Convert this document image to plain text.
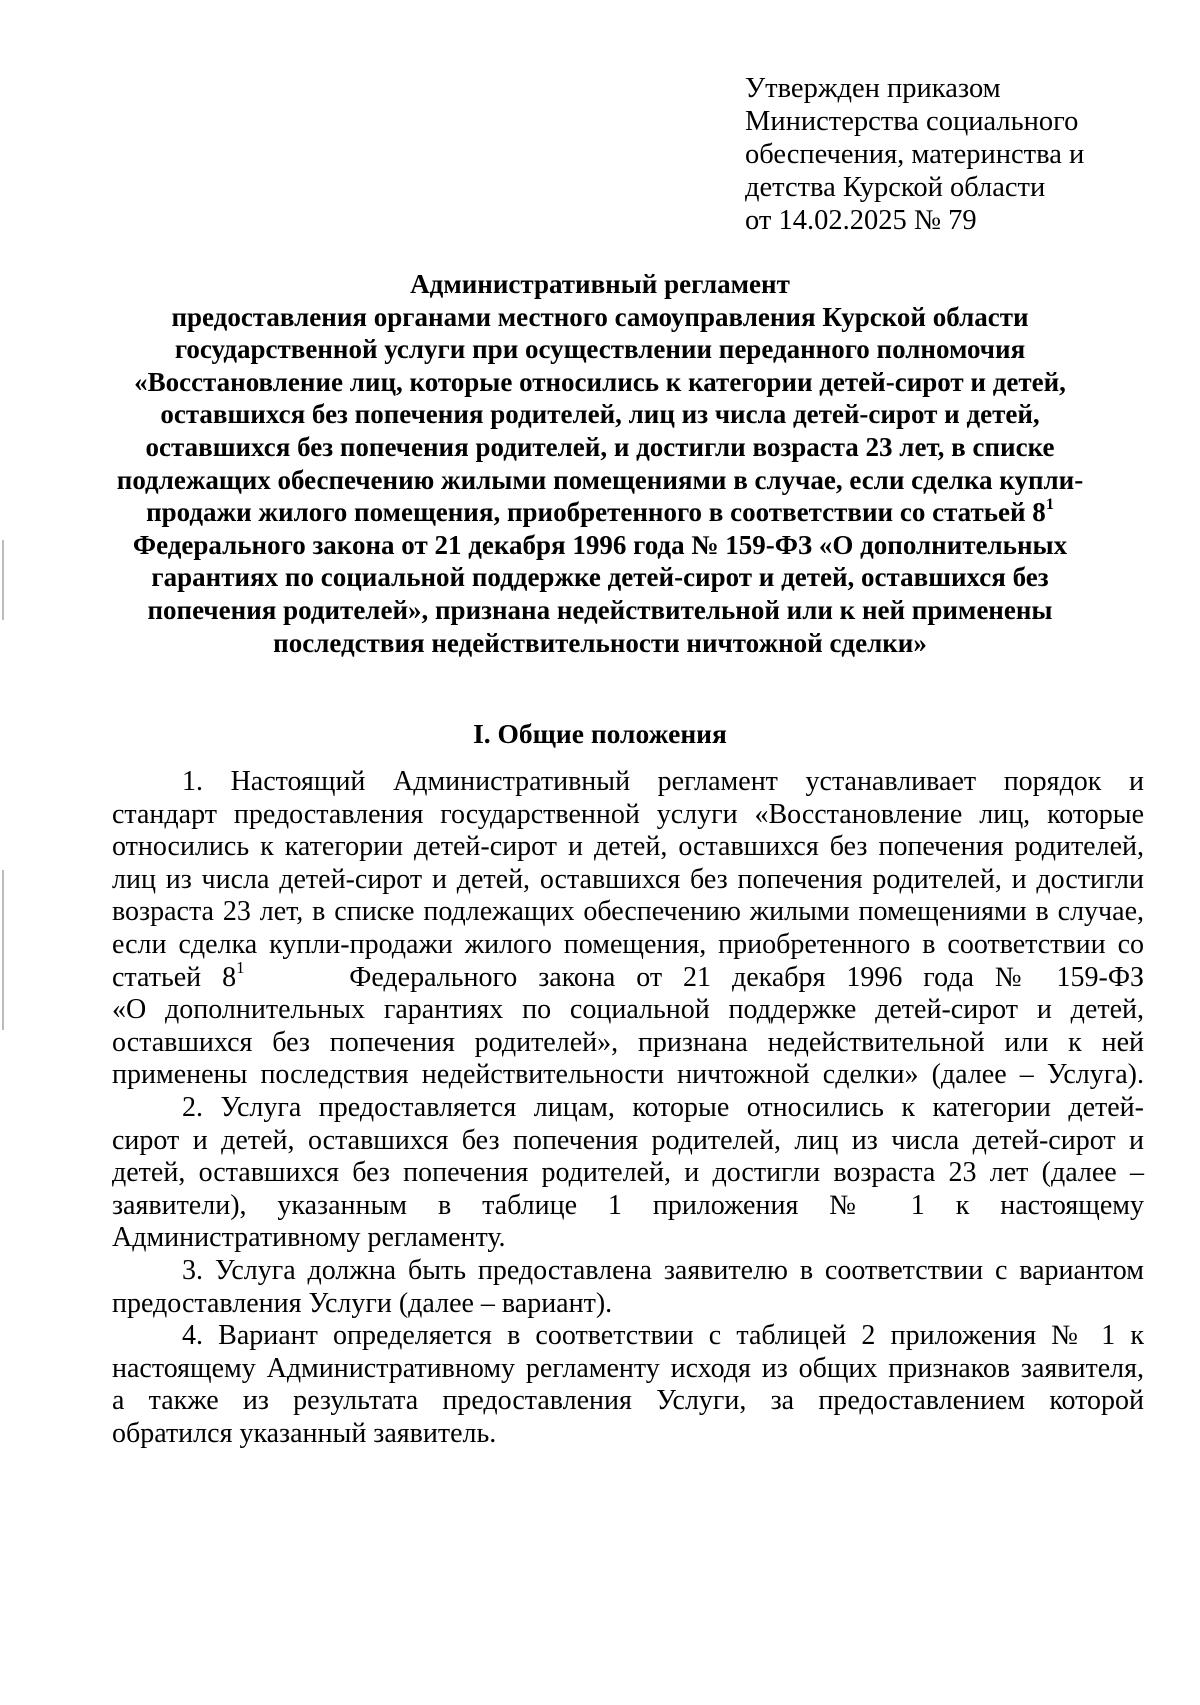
Утвержден приказом
Министерства социального
обеспечения, материнства и
детства Курской области
от 14.02.2025 № 79
Административный регламент
предоставления органами местного самоуправления Курской области
государственной услуги при осуществлении переданного полномочия
«Восстановление лиц, которые относились к категории детей-сирот и детей,
оставшихся без попечения родителей, лиц из числа детей-сирот и детей,
оставшихся без попечения родителей, и достигли возраста 23 лет, в списке
подлежащих обеспечению жилыми помещениями в случае, если сделка купли-
продажи жилого помещения, приобретенного в соответствии со статьей $8^1$
Федерального закона от 21 декабря 1996 года № 159-ФЗ «О дополнительных
гарантиях по социальной поддержке детей-сирот и детей, оставшихся без
попечения родителей», признана недействительной или к ней применены
последствия недействительности ничтожной сделки»
I. Общие положения
1. Настоящий Административный регламент устанавливает порядок и
стандарт предоставления государственной услуги «Восстановление лиц, которые
относились к категории детей-сирот и детей, оставшихся без попечения родителей,
лиц из числа детей-сирот и детей, оставшихся без попечения родителей, и достигли
возраста 23 лет, в списке подлежащих обеспечению жилыми помещениями в случае,
если сделка купли-продажи жилого помещения, приобретенного в соответствии со
статьей $8^1$	Федерального закона от 21 декабря 1996 года № 159-ФЗ
«О дополнительных гарантиях по социальной поддержке детей-сирот и детей,
оставшихся без попечения родителей», признана недействительной или к ней
применены последствия недействительности ничтожной сделки» (далее – Услуга).
2. Услуга предоставляется лицам, которые относились к категории детей-
сирот и детей, оставшихся без попечения родителей, лиц из числа детей-сирот и
детей, оставшихся без попечения родителей, и достигли возраста 23 лет (далее –
заявители), указанным в таблице 1 приложения № 1 к настоящему
Административному регламенту.
3. Услуга должна быть предоставлена заявителю в соответствии с вариантом
предоставления Услуги (далее – вариант).
4. Вариант определяется в соответствии с таблицей 2 приложения № 1 к
настоящему Административному регламенту исходя из общих признаков заявителя,
а также из результата предоставления Услуги, за предоставлением которой
обратился указанный заявитель.
